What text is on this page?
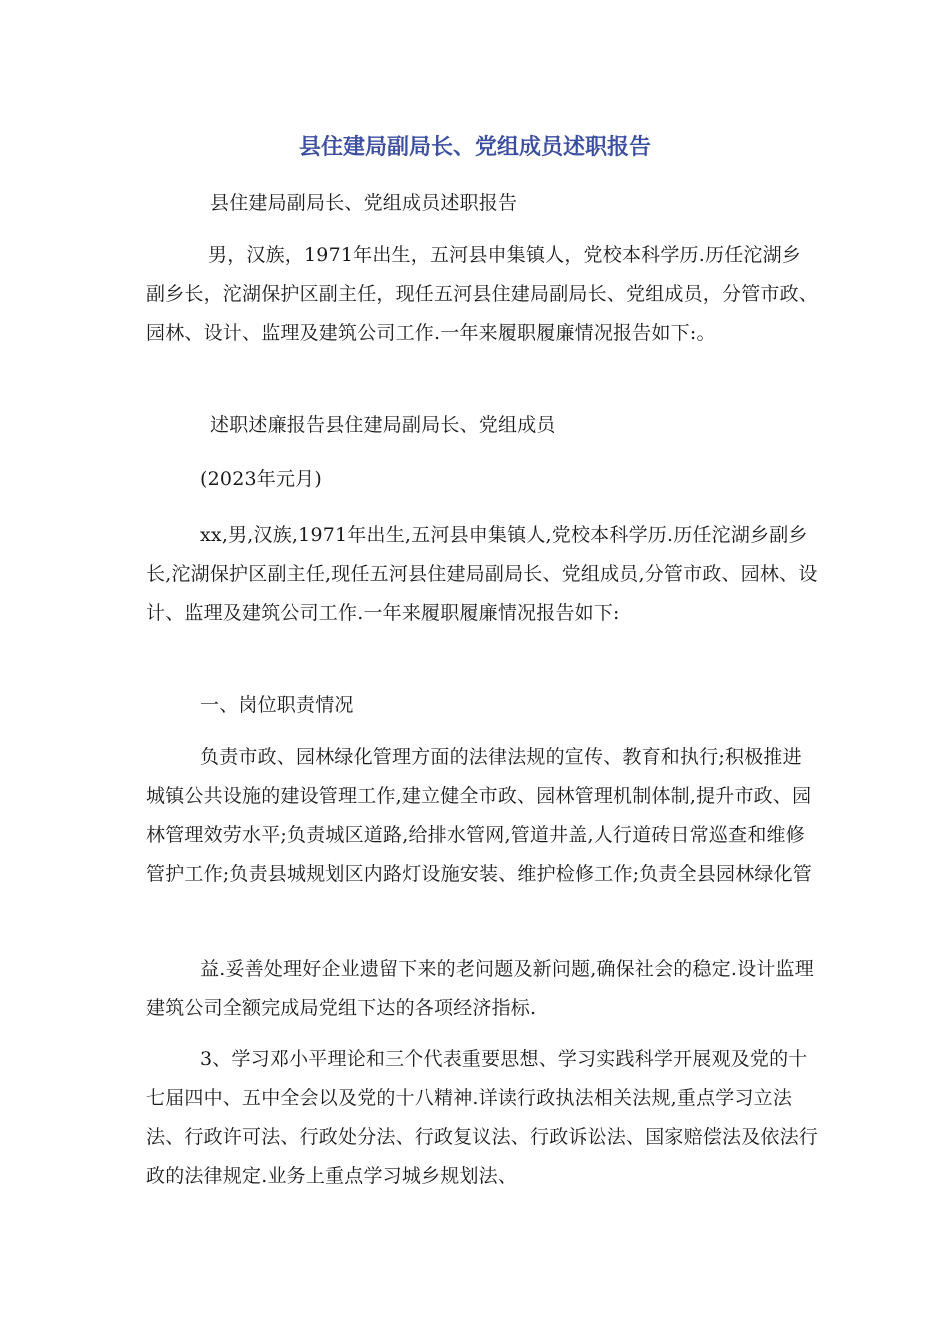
县住建局副局长、党组成员述职报告

县住建局副局长、党组成员述职报告

男，汉族，1971年出生，五河县申集镇人，党校本科学历.历任沱湖乡副乡长，沱湖保护区副主任，现任五河县住建局副局长、党组成员，分管市政、园林、设计、监理及建筑公司工作.一年来履职履廉情况报告如下:。

述职述廉报告县住建局副局长、党组成员

(2023年元月)

xx,男,汉族,1971年出生,五河县申集镇人,党校本科学历.历任沱湖乡副乡长,沱湖保护区副主任,现任五河县住建局副局长、党组成员,分管市政、园林、设计、监理及建筑公司工作.一年来履职履廉情况报告如下:

一、岗位职责情况

负责市政、园林绿化管理方面的法律法规的宣传、教育和执行;积极推进城镇公共设施的建设管理工作,建立健全市政、园林管理机制体制,提升市政、园林管理效劳水平;负责城区道路,给排水管网,管道井盖,人行道砖日常巡查和维修管护工作;负责县城规划区内路灯设施安装、维护检修工作;负责全县园林绿化管

益.妥善处理好企业遗留下来的老问题及新问题,确保社会的稳定.设计监理建筑公司全额完成局党组下达的各项经济指标.

3、学习邓小平理论和三个代表重要思想、学习实践科学开展观及党的十七届四中、五中全会以及党的十八精神.详读行政执法相关法规,重点学习立法法、行政许可法、行政处分法、行政复议法、行政诉讼法、国家赔偿法及依法行政的法律规定.业务上重点学习城乡规划法、
